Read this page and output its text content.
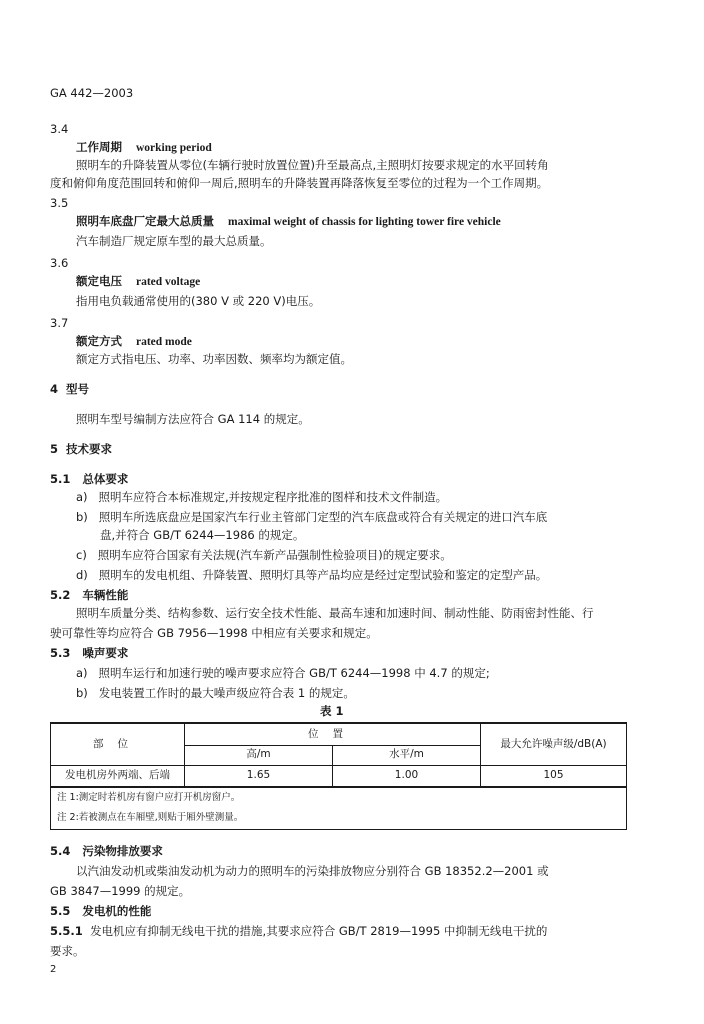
GA 442—2003
3.4
工作周期 working period
照明车的升降装置从零位(车辆行驶时放置位置)升至最高点,主照明灯按要求规定的水平回转角
度和俯仰角度范围回转和俯仰一周后,照明车的升降装置再降落恢复至零位的过程为一个工作周期。
3.5
照明车底盘厂定最大总质量 maximal weight of chassis for lighting tower fire vehicle
汽车制造厂规定原车型的最大总质量。
3.6
额定电压 rated voltage
指用电负载通常使用的(380 V 或 220 V)电压。
3.7
额定方式 rated mode
额定方式指电压、功率、功率因数、频率均为额定值。
4 型号
照明车型号编制方法应符合 GA 114 的规定。
5 技术要求
5.1 总体要求
a) 照明车应符合本标准规定,并按规定程序批准的图样和技术文件制造。
b) 照明车所选底盘应是国家汽车行业主管部门定型的汽车底盘或符合有关规定的进口汽车底
盘,并符合 GB/T 6244—1986 的规定。
c) 照明车应符合国家有关法规(汽车新产品强制性检验项目)的规定要求。
d) 照明车的发电机组、升降装置、照明灯具等产品均应是经过定型试验和鉴定的定型产品。
5.2 车辆性能
照明车质量分类、结构参数、运行安全技术性能、最高车速和加速时间、制动性能、防雨密封性能、行
驶可靠性等均应符合 GB 7956—1998 中相应有关要求和规定。
5.3 噪声要求
a) 照明车运行和加速行驶的噪声要求应符合 GB/T 6244—1998 中 4.7 的规定;
b) 发电装置工作时的最大噪声级应符合表 1 的规定。
表 1
部位	位置		最大允许噪声级/dB(A)
	高/m	水平/m	
发电机房外两端、后端	1.65	1.00	105
注 1:测定时若机房有窗户应打开机房窗户。			
注 2:若被测点在车厢壁,则贴于厢外壁测量。			
5.4 污染物排放要求
以汽油发动机或柴油发动机为动力的照明车的污染排放物应分别符合 GB 18352.2—2001 或
GB 3847—1999 的规定。
5.5 发电机的性能
5.5.1 发电机应有抑制无线电干扰的措施,其要求应符合 GB/T 2819—1995 中抑制无线电干扰的
要求。
2
